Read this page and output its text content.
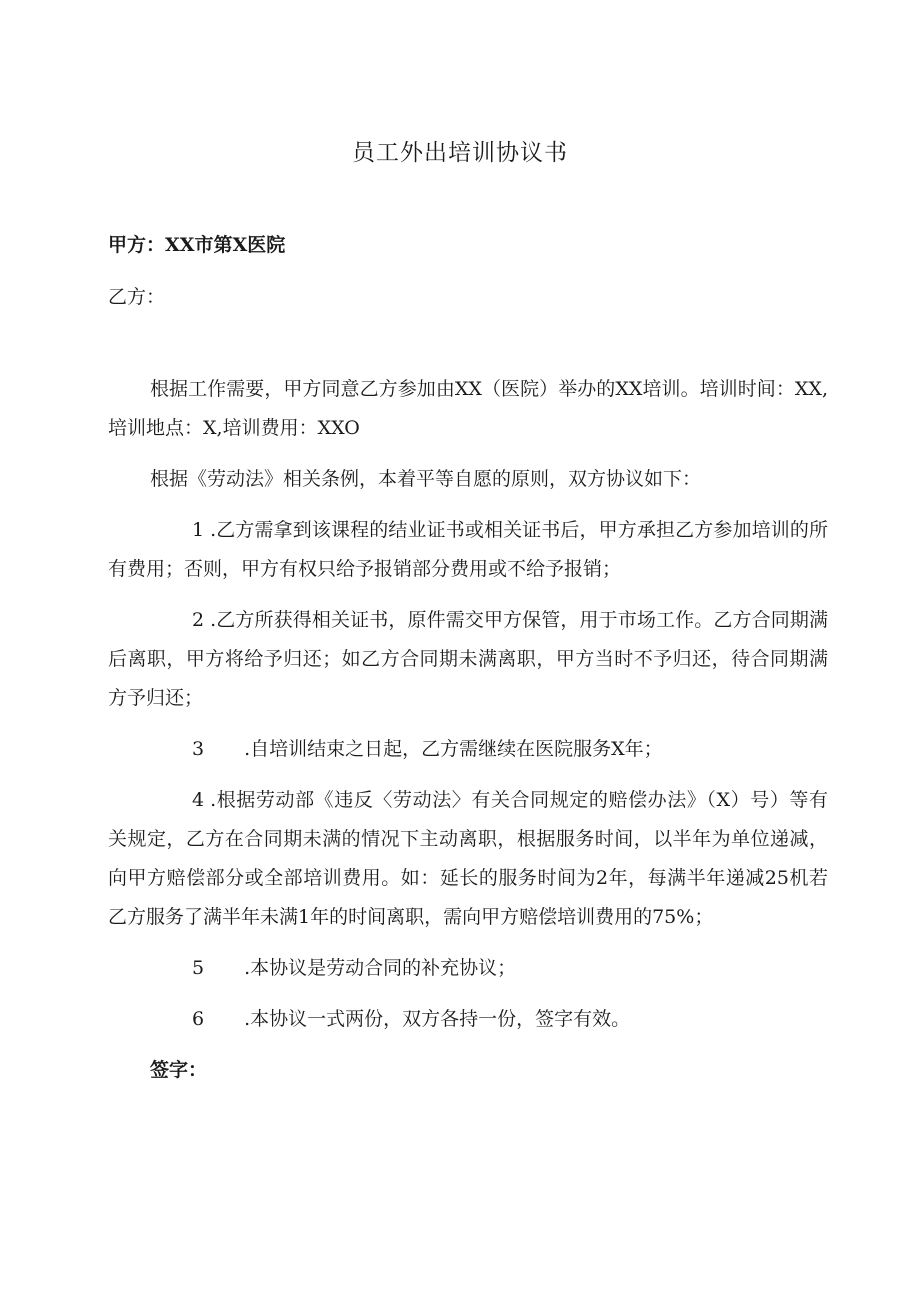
员工外出培训协议书

甲方：XX市第X医院

乙方：

根据工作需要，甲方同意乙方参加由XX（医院）举办的XX培训。培训时间：XX,培训地点：X,培训费用：XXO

根据《劳动法》相关条例，本着平等自愿的原则，双方协议如下：

1 .乙方需拿到该课程的结业证书或相关证书后，甲方承担乙方参加培训的所有费用；否则，甲方有权只给予报销部分费用或不给予报销；

2 .乙方所获得相关证书，原件需交甲方保管，用于市场工作。乙方合同期满后离职，甲方将给予归还；如乙方合同期未满离职，甲方当时不予归还，待合同期满方予归还；

3 .自培训结束之日起，乙方需继续在医院服务X年；

4 .根据劳动部《违反〈劳动法〉有关合同规定的赔偿办法》（X）号）等有关规定，乙方在合同期未满的情况下主动离职，根据服务时间，以半年为单位递减，向甲方赔偿部分或全部培训费用。如：延长的服务时间为2年，每满半年递减25机若乙方服务了满半年未满1年的时间离职，需向甲方赔偿培训费用的75%；

5 .本协议是劳动合同的补充协议；

6 .本协议一式两份，双方各持一份，签字有效。

签字：
